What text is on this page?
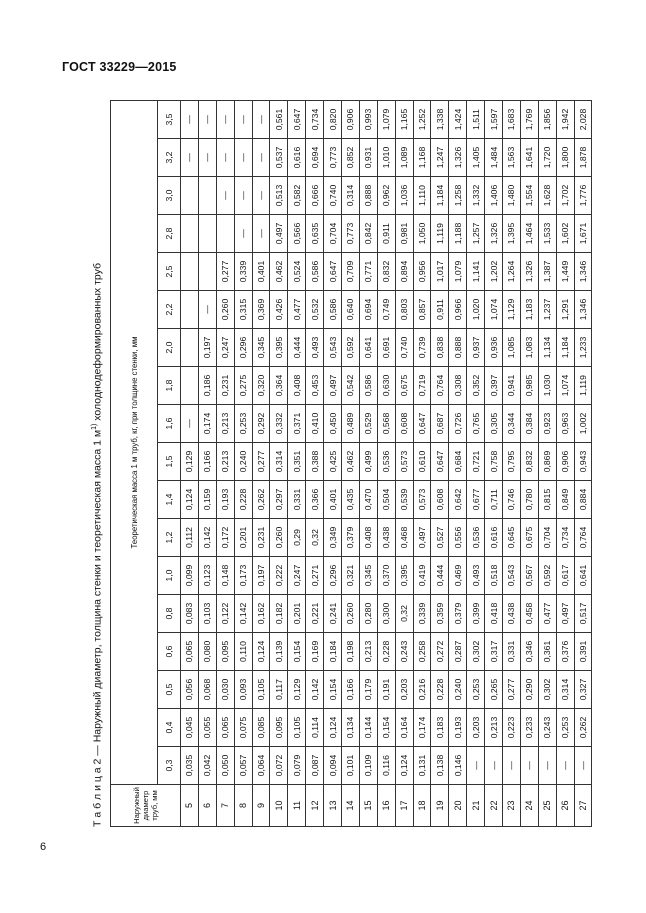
ГОСТ 33229—2015
6
Т а б л и ц а 2 — Наружный диаметр, толщина стенки и теоретическая масса 1 $м^{1)}$ холоднодеформированных труб
Наружный диаметр труб, мм	Теоретическая масса 1 м труб, кг, при толщине стенки, мм																	
	0,3	0,4	0,5	0,6	0,8	1,0	1,2	1,4	1,5	1,6	1,8	2,0	2,2	2,5	2,8	3,0	3,2	3,5
5	0,035	0,045	0,056	0,065	0,083	0,099	0,112	0,124	0,129	—							—	—
6	0,042	0,055	0,068	0,080	0,103	0,123	0,142	0,159	0,166	0,174	0,186	0,197	—				—	—
7	0,050	0,065	0,030	0,095	0,122	0,148	0,172	0,193	0,213	0,213	0,231	0,247	0,260	0,277		—	—	—
8	0,057	0,075	0,093	0,110	0,142	0,173	0,201	0,228	0,240	0,253	0,275	0,296	0,315	0,339	—	—	—	—
9	0,064	0,085	0,105	0,124	0,162	0,197	0,231	0,262	0,277	0,292	0,320	0,345	0,369	0,401	—	—	—	—
10	0,072	0,095	0,117	0,139	0,182	0,222	0,260	0,297	0,314	0,332	0,364	0,395	0,426	0,462	0,497	0,513	0,537	0,561
11	0,079	0,105	0,129	0,154	0,201	0,247	0,29	0,331	0,351	0,371	0,408	0,444	0,477	0,524	0,566	0,582	0,616	0,647
12	0,087	0,114	0,142	0,169	0,221	0,271	0,32	0,366	0,388	0,410	0,453	0,493	0,532	0,586	0,635	0,666	0,694	0,734
13	0,094	0,124	0,154	0,184	0,241	0,296	0,349	0,401	0,425	0,450	0,497	0,543	0,586	0,647	0,704	0,740	0,773	0,820
14	0,101	0,134	0,166	0,198	0,260	0,321	0,379	0,435	0,462	0,489	0,542	0,592	0,640	0,709	0,773	0,314	0,852	0,906
15	0,109	0,144	0,179	0,213	0,280	0,345	0,408	0,470	0,499	0,529	0,586	0,641	0,694	0,771	0,842	0,888	0,931	0,993
16	0,116	0,154	0,191	0,228	0,300	0,370	0,438	0,504	0,536	0,568	0,630	0,691	0,749	0,832	0,911	0,962	1,010	1,079
17	0,124	0,164	0,203	0,243	0,32	0,395	0,468	0,539	0,573	0,608	0,675	0,740	0,803	0,894	0,981	1,036	1,089	1,165
18	0,131	0,174	0,216	0,258	0,339	0,419	0,497	0,573	0,610	0,647	0,719	0,739	0,857	0,956	1,050	1,110	1,168	1,252
19	0,138	0,183	0,228	0,272	0,359	0,444	0,527	0,608	0,647	0,687	0,764	0,838	0,911	1,017	1,119	1,184	1,247	1,338
20	0,146	0,193	0,240	0,287	0,379	0,469	0,556	0,642	0,684	0,726	0,308	0,888	0,966	1,079	1,188	1,258	1,326	1,424
21	—	0,203	0,253	0,302	0,399	0,493	0,536	0,677	0,721	0,765	0,352	0,937	1,020	1,141	1,257	1,332	1,405	1,511
22	—	0,213	0,265	0,317	0,418	0,518	0,616	0,711	0,758	0,305	0,397	0,936	1,074	1,202	1,326	1,406	1,484	1,597
23	—	0,223	0,277	0,331	0,438	0,543	0,645	0,746	0,795	0,344	0,941	1,085	1,129	1,264	1,395	1,480	1,563	1,683
24	—	0,233	0,290	0,346	0,458	0,567	0,675	0,780	0,832	0,384	0,985	1,083	1,183	1,326	1,464	1,554	1,641	1,769
25	—	0,243	0,302	0,361	0,477	0,592	0,704	0,815	0,869	0,923	1,030	1,134	1,237	1,387	1,533	1,628	1,720	1,856
26	—	0,253	0,314	0,376	0,497	0,617	0,734	0,849	0,906	0,963	1,074	1,184	1,291	1,449	1,602	1,702	1,800	1,942
27	—	0,262	0,327	0,391	0,517	0,641	0,764	0,884	0,943	1,002	1,119	1,233	1,346	1,346	1,671	1,776	1,878	2,028
